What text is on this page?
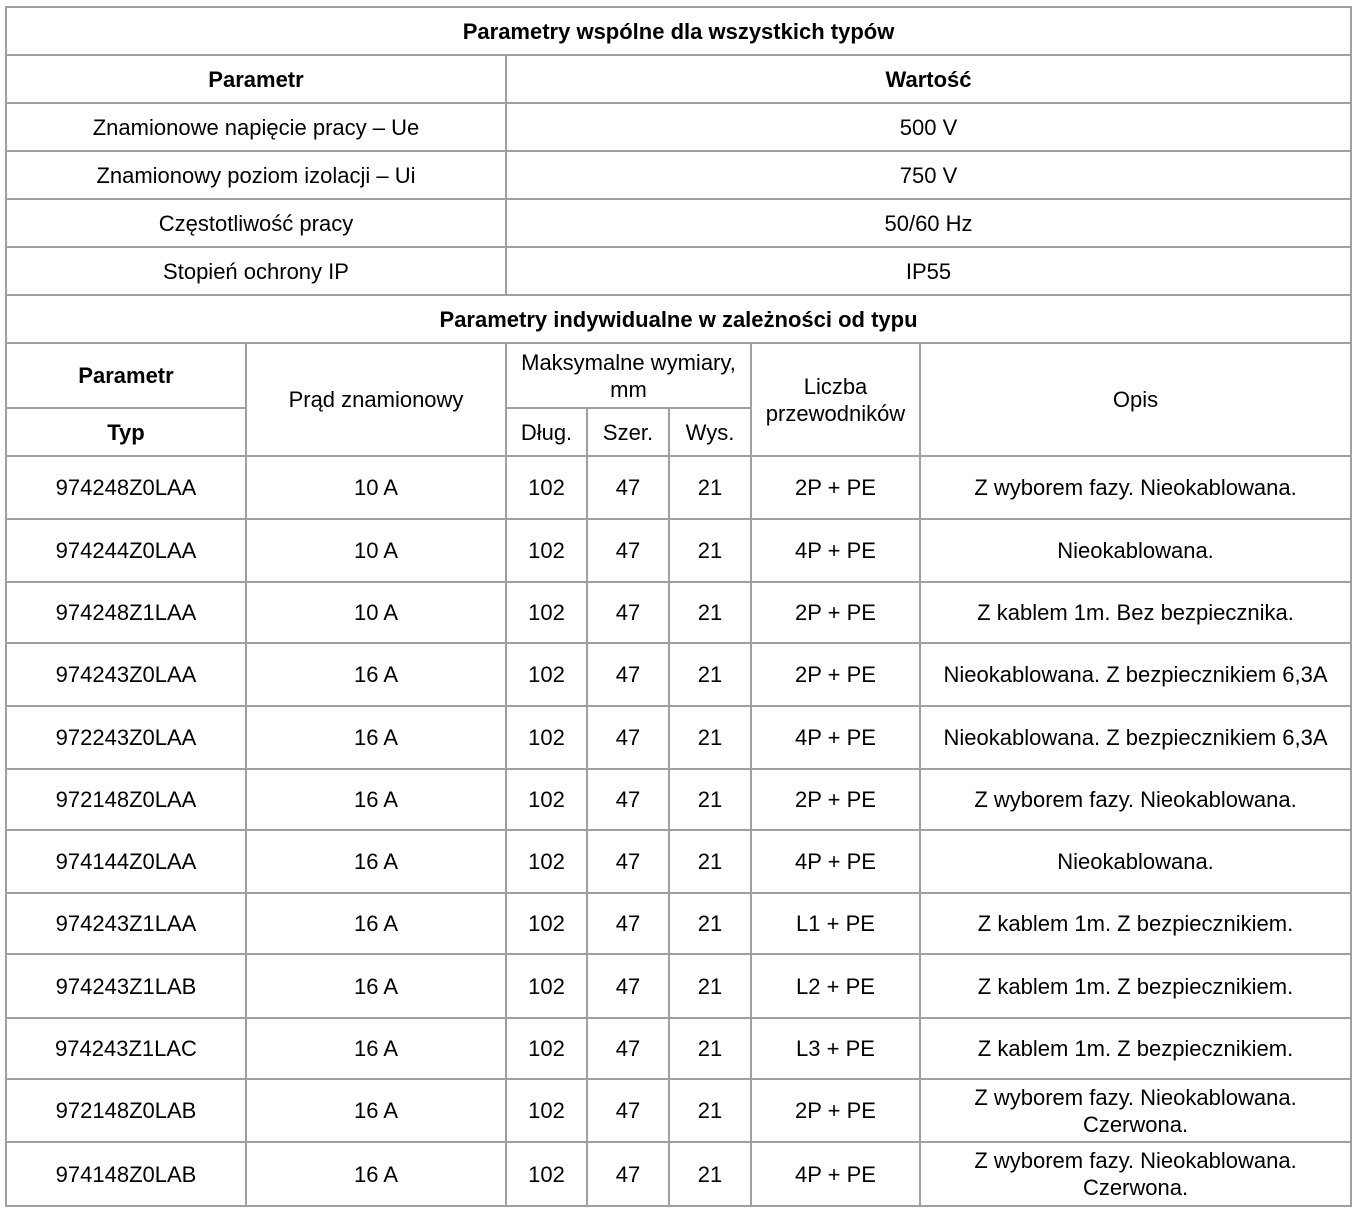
Parametry wspólne dla wszystkich typów						
Parametr		Wartość				
Znamionowe napięcie pracy – Ue		500 V				
Znamionowy poziom izolacji – Ui		750 V				
Częstotliwość pracy		50/60 Hz				
Stopień ochrony IP		IP55				
Parametry indywidualne w zależności od typu						
Parametr	Prąd znamionowy	Maksymalne wymiary, mm			Liczba przewodników	Opis
Typ		Dług.	Szer.	Wys.		
974248Z0LAA	10 A	102	47	21	2P + PE	Z wyborem fazy. Nieokablowana.
974244Z0LAA	10 A	102	47	21	4P + PE	Nieokablowana.
974248Z1LAA	10 A	102	47	21	2P + PE	Z kablem 1m. Bez bezpiecznika.
974243Z0LAA	16 A	102	47	21	2P + PE	Nieokablowana. Z bezpiecznikiem 6,3A
972243Z0LAA	16 A	102	47	21	4P + PE	Nieokablowana. Z bezpiecznikiem 6,3A
972148Z0LAA	16 A	102	47	21	2P + PE	Z wyborem fazy. Nieokablowana.
974144Z0LAA	16 A	102	47	21	4P + PE	Nieokablowana.
974243Z1LAA	16 A	102	47	21	L1 + PE	Z kablem 1m. Z bezpiecznikiem.
974243Z1LAB	16 A	102	47	21	L2 + PE	Z kablem 1m. Z bezpiecznikiem.
974243Z1LAC	16 A	102	47	21	L3 + PE	Z kablem 1m. Z bezpiecznikiem.
972148Z0LAB	16 A	102	47	21	2P + PE	Z wyborem fazy. Nieokablowana. Czerwona.
974148Z0LAB	16 A	102	47	21	4P + PE	Z wyborem fazy. Nieokablowana. Czerwona.
